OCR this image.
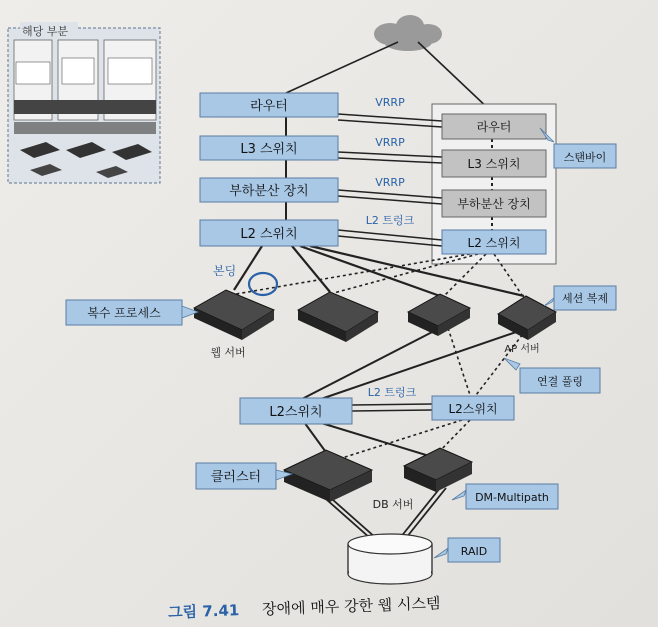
해당 부분
라우터
L3 스위치
부하분산 장치
L2 스위치
라우터
L3 스위치
부하분산 장치
L2 스위치
VRRP
VRRP
VRRP
L2 트렁크
스탠바이
본딩
웹 서버	AP 서버
복수 프로세스
세션 복제
연결 풀링
L2스위치	L2스위치
L2 트렁크
DB 서버
클러스터
DM-Multipath
RAID
그림 7.41 장애에 매우 강한 웹 시스템
